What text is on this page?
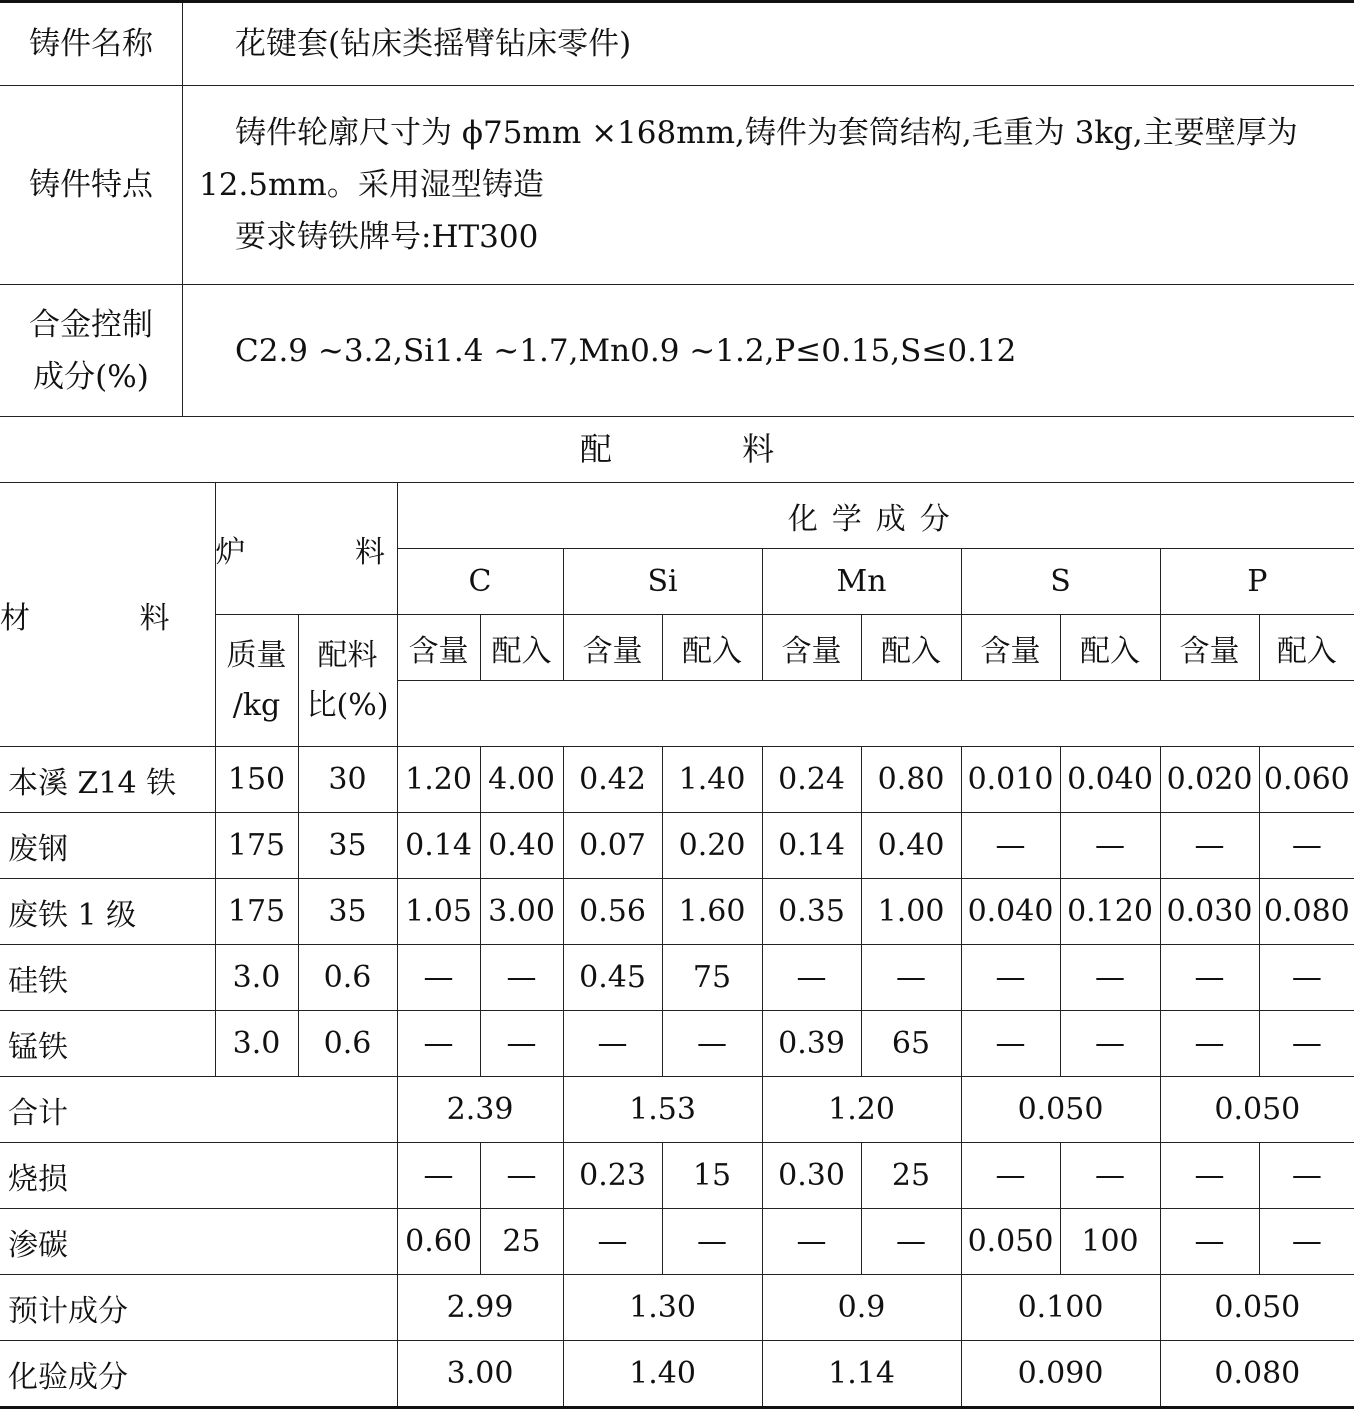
铸件名称	花键套(钻床类摇臂钻床零件)

铸件特点	铸件轮廓尺寸为 ϕ75mm ×168mm,铸件为套筒结构,毛重为 3kg,主要壁厚为
12.5mm。采用湿型铸造
要求铸铁牌号:HT300

合金控制
成分(%)	C2.9 ~3.2,Si1.4 ~1.7,Mn0.9 ~1.2,P≤0.15,S≤0.12
配 料
材 料	炉 料		化学成分									
			C		Si		Mn		S		P	

	质量
/kg	配料
比(%)	含量	配入	含量	配入	含量	配入	含量	配入	含量	配入

本溪 Z14 铁	150	30	1.20	4.00	0.42	1.40	0.24	0.80	0.010	0.040	0.020	0.060
废钢	175	35	0.14	0.40	0.07	0.20	0.14	0.40	—	—	—	—
废铁 1 级	175	35	1.05	3.00	0.56	1.60	0.35	1.00	0.040	0.120	0.030	0.080
硅铁	3.0	0.6	—	—	0.45	75	—	—	—	—	—	—
锰铁	3.0	0.6	—	—	—	—	0.39	65	—	—	—	—
合计			2.39		1.53		1.20		0.050		0.050	
烧损			—	—	0.23	15	0.30	25	—	—	—	—
渗碳			0.60	25	—	—	—	—	0.050	100	—	—
预计成分			2.99		1.30		0.9		0.100		0.050	
化验成分			3.00		1.40		1.14		0.090		0.080	
